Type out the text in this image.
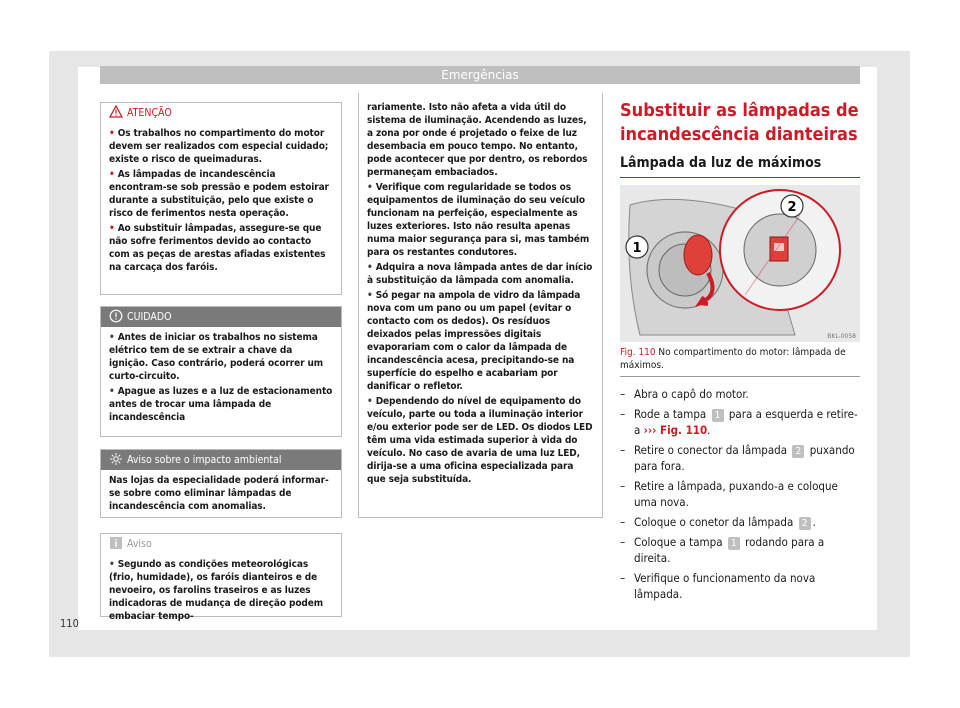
Emergências
ATENÇÃO

• Os trabalhos no compartimento do motor devem ser realizados com especial cuidado; existe o risco de queimaduras.

• As lâmpadas de incandescência encontram-se sob pressão e podem estoirar durante a substituição, pelo que existe o risco de ferimentos nesta operação.

• Ao substituir lâmpadas, assegure-se que não sofre ferimentos devido ao contacto com as peças de arestas afiadas existentes na carcaça dos faróis.

CUIDADO

• Antes de iniciar os trabalhos no sistema elétrico tem de se extrair a chave da ignição. Caso contrário, poderá ocorrer um curto-circuito.

• Apague as luzes e a luz de estacionamento antes de trocar uma lâmpada de incandescência

Aviso sobre o impacto ambiental

Nas lojas da especialidade poderá informar-se sobre como eliminar lâmpadas de incandescência com anomalias.

Aviso

• Segundo as condições meteorológicas (frio, humidade), os faróis dianteiros e de nevoeiro, os farolins traseiros e as luzes indicadoras de mudança de direção podem embaciar tempo-

rariamente. Isto não afeta a vida útil do sistema de iluminação. Acendendo as luzes, a zona por onde é projetado o feixe de luz desembacia em pouco tempo. No entanto, pode acontecer que por dentro, os rebordos permaneçam embaciados.

• Verifique com regularidade se todos os equipamentos de iluminação do seu veículo funcionam na perfeição, especialmente as luzes exteriores. Isto não resulta apenas numa maior segurança para si, mas também para os restantes condutores.

• Adquira a nova lâmpada antes de dar início à substituição da lâmpada com anomalia.

• Só pegar na ampola de vidro da lâmpada nova com um pano ou um papel (evitar o contacto com os dedos). Os resíduos deixados pelas impressões digitais evaporariam com o calor da lâmpada de incandescência acesa, precipitando-se na superfície do espelho e acabariam por danificar o refletor.

• Dependendo do nível de equipamento do veículo, parte ou toda a iluminação interior e/ou exterior pode ser de LED. Os diodos LED têm uma vida estimada superior à vida do veículo. No caso de avaria de uma luz LED, dirija-se a uma oficina especializada para que seja substituída.

Substituir as lâmpadas de incandescência dianteiras
Lâmpada da luz de máximos
1
2
BKL-0058
Fig. 110 No compartimento do motor: lâmpada de máximos.
– Abra o capô do motor.
– Rode a tampa 1 para a esquerda e retire-a ››› Fig. 110.
– Retire o conector da lâmpada 2 puxando para fora.
– Retire a lâmpada, puxando-a e coloque uma nova.
– Coloque o conetor da lâmpada 2 .
– Coloque a tampa 1 rodando para a direita.
– Verifique o funcionamento da nova lâmpada.
110
